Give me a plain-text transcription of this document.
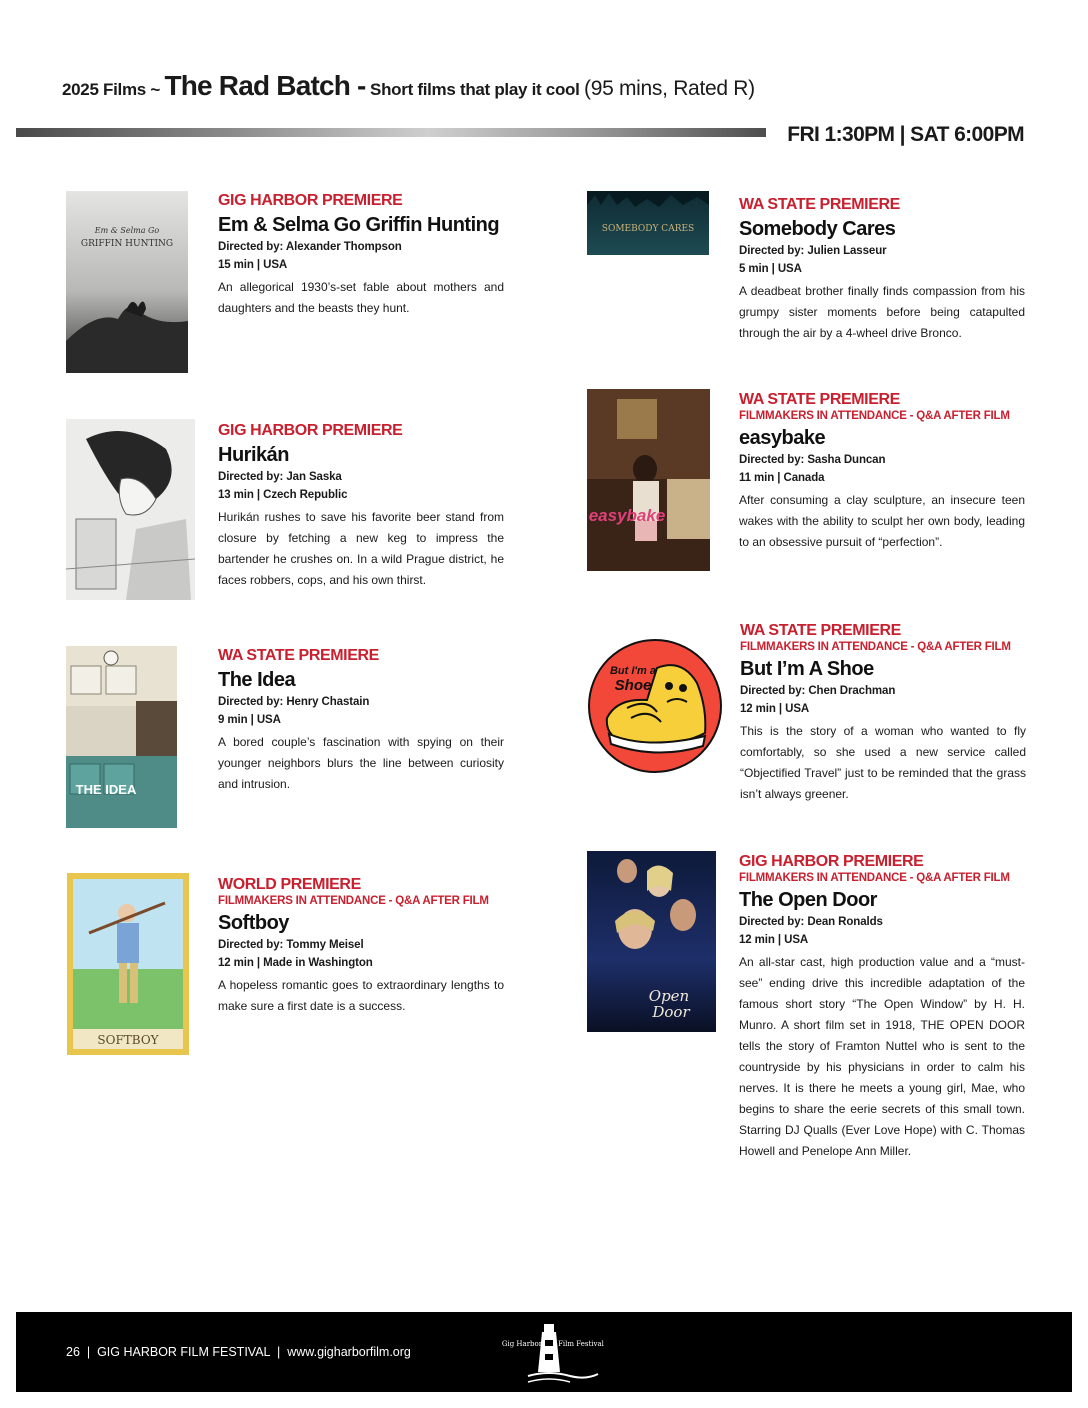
2025 Films ~ The Rad Batch - Short films that play it cool (95 mins, Rated R)
FRI 1:30PM | SAT 6:00PM
Em & Selma Go
GRIFFIN HUNTING
GIG HARBOR PREMIERE
Em & Selma Go Griffin Hunting
Directed by: Alexander Thompson
15 min | USA
An allegorical 1930’s-set fable about mothers and daughters and the beasts they hunt.
GIG HARBOR PREMIERE
Hurikán
Directed by: Jan Saska
13 min | Czech Republic
Hurikán rushes to save his favorite beer stand from closure by fetching a new keg to impress the bartender he crushes on. In a wild Prague district, he faces robbers, cops, and his own thirst.
THE IDEA
WA STATE PREMIERE
The Idea
Directed by: Henry Chastain
9 min | USA
A bored couple’s fascination with spying on their younger neighbors blurs the line between curiosity and intrusion.
SOFTBOY
WORLD PREMIERE
FILMMAKERS IN ATTENDANCE - Q&A AFTER FILM
Softboy
Directed by: Tommy Meisel
12 min | Made in Washington
A hopeless romantic goes to extraordinary lengths to make sure a first date is a success.
SOMEBODY CARES
WA STATE PREMIERE
Somebody Cares
Directed by: Julien Lasseur
5 min | USA
A deadbeat brother finally finds compassion from his grumpy sister moments before being catapulted through the air by a 4-wheel drive Bronco.
easybake
WA STATE PREMIERE
FILMMAKERS IN ATTENDANCE - Q&A AFTER FILM
easybake
Directed by: Sasha Duncan
11 min | Canada
After consuming a clay sculpture, an insecure teen wakes with the ability to sculpt her own body, leading to an obsessive pursuit of “perfection”.
But I'm a
Shoe
WA STATE PREMIERE
FILMMAKERS IN ATTENDANCE - Q&A AFTER FILM
But I’m A Shoe
Directed by: Chen Drachman
12 min | USA
This is the story of a woman who wanted to fly comfortably, so she used a new service called “Objectified Travel” just to be reminded that the grass isn’t always greener.
Open
Door
GIG HARBOR PREMIERE
FILMMAKERS IN ATTENDANCE - Q&A AFTER FILM
The Open Door
Directed by: Dean Ronalds
12 min | USA
An all-star cast, high production value and a “must-see” ending drive this incredible adaptation of the famous short story “The Open Window” by H. H. Munro. A short film set in 1918, THE OPEN DOOR tells the story of Framton Nuttel who is sent to the countryside by his physicians in order to calm his nerves. It is there he meets a young girl, Mae, who begins to share the eerie secrets of this small town. Starring DJ Qualls (Ever Love Hope) with C. Thomas Howell and Penelope Ann Miller.
26  |  GIG HARBOR FILM FESTIVAL  |  www.gigharborfilm.org
Gig Harbor Film Festival
